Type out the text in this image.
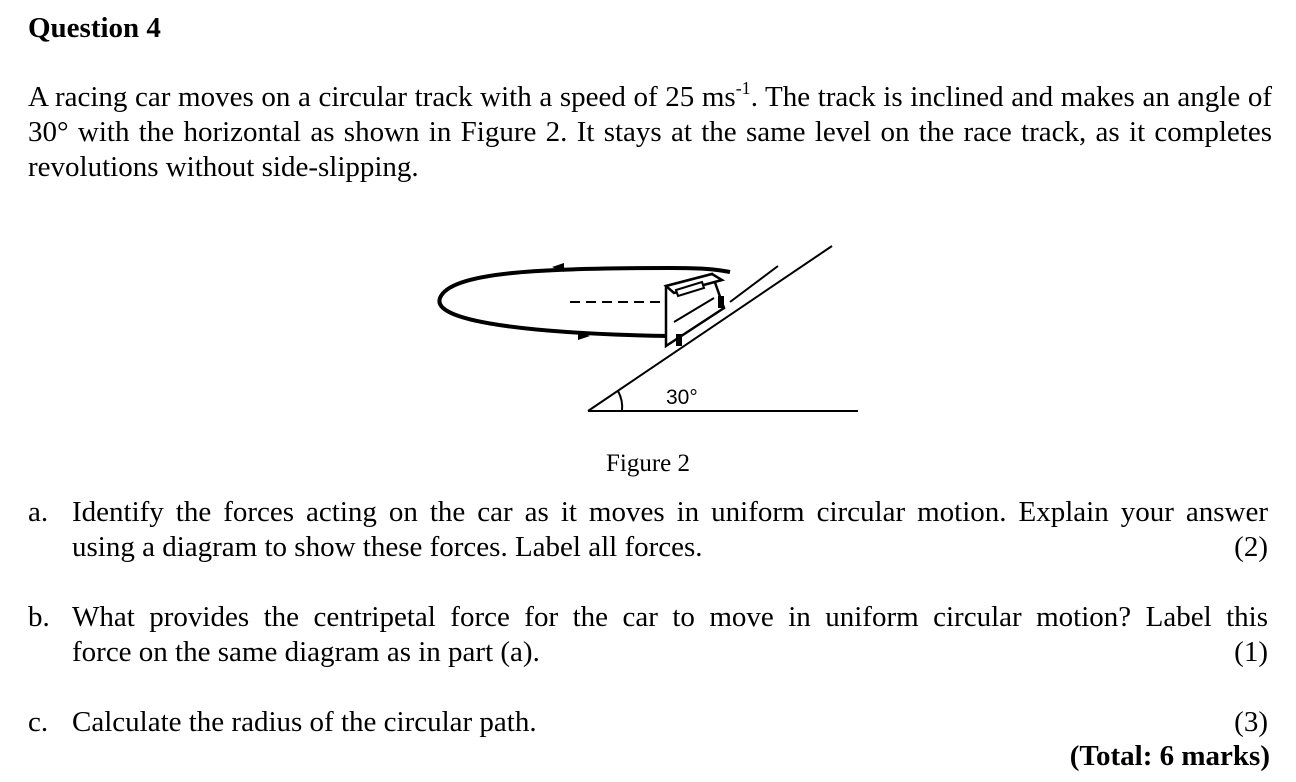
Question 4

A racing car moves on a circular track with a speed of 25 $ms^{-1}$. The track is inclined and makes an angle of 30° with the horizontal as shown in Figure 2. It stays at the same level on the race track, as it completes revolutions without side-slipping.

30°

Figure 2

a. Identify the forces acting on the car as it moves in uniform circular motion. Explain your answer
using a diagram to show these forces. Label all forces.	(2)
b. What provides the centripetal force for the car to move in uniform circular motion? Label this
force on the same diagram as in part (a).	(1)
c. Calculate the radius of the circular path.	(3)
(Total: 6 marks)
